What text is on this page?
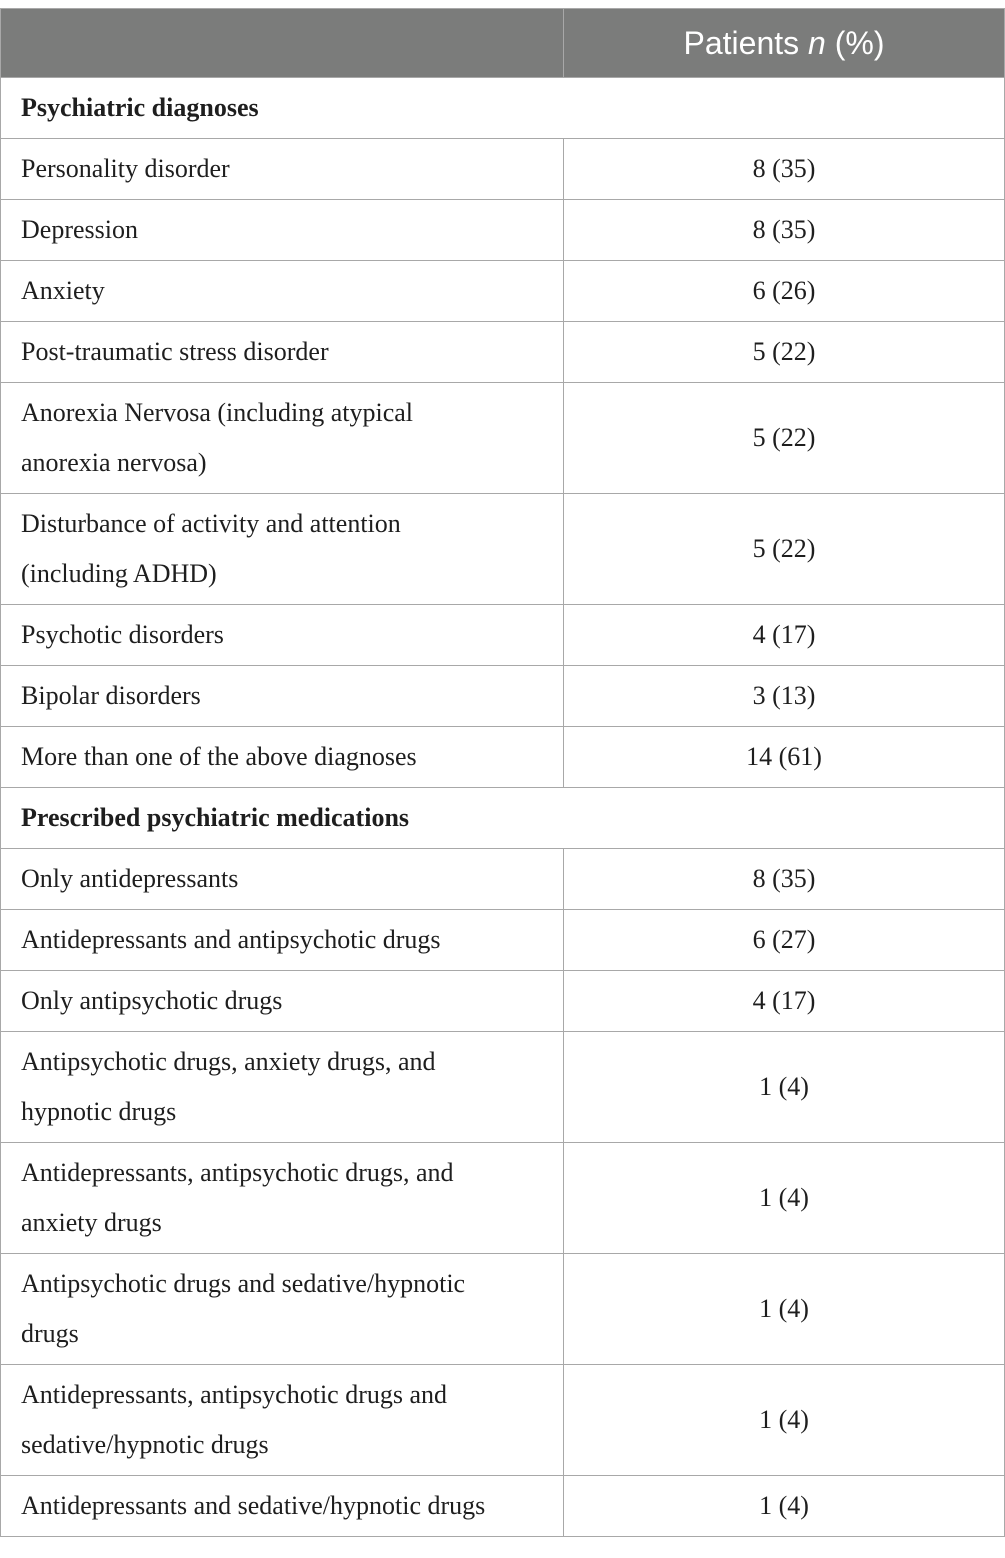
	Patients n (%)
Psychiatric diagnoses	
Personality disorder	8 (35)
Depression	8 (35)
Anxiety	6 (26)
Post-traumatic stress disorder	5 (22)
Anorexia Nervosa (including atypical
anorexia nervosa)	5 (22)
Disturbance of activity and attention
(including ADHD)	5 (22)
Psychotic disorders	4 (17)
Bipolar disorders	3 (13)
More than one of the above diagnoses	14 (61)
Prescribed psychiatric medications	
Only antidepressants	8 (35)
Antidepressants and antipsychotic drugs	6 (27)
Only antipsychotic drugs	4 (17)
Antipsychotic drugs, anxiety drugs, and
hypnotic drugs	1 (4)
Antidepressants, antipsychotic drugs, and
anxiety drugs	1 (4)
Antipsychotic drugs and sedative/hypnotic
drugs	1 (4)
Antidepressants, antipsychotic drugs and
sedative/hypnotic drugs	1 (4)
Antidepressants and sedative/hypnotic drugs	1 (4)
